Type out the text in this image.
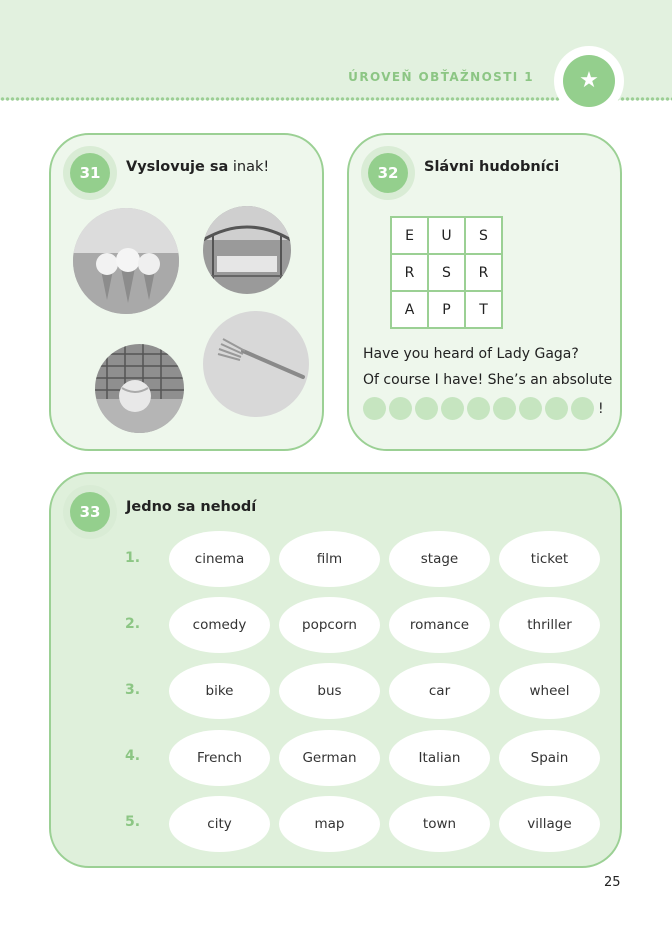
ÚROVEŇ OBŤAŽNOSTI 1	★
31	Vyslovuje sa inak!	32	Slávni hudobníci
E	U	S
R	S	R
A	P	T
Have you heard of Lady Gaga?
Of course I have! She’s an absolute
!
33	Jedno sa nehodí
1.	cinema	film	stage	ticket
2.	comedy	popcorn	romance	thriller
3.	bike	bus	car	wheel
4.	French	German	Italian	Spain
5.	city	map	town	village
25
